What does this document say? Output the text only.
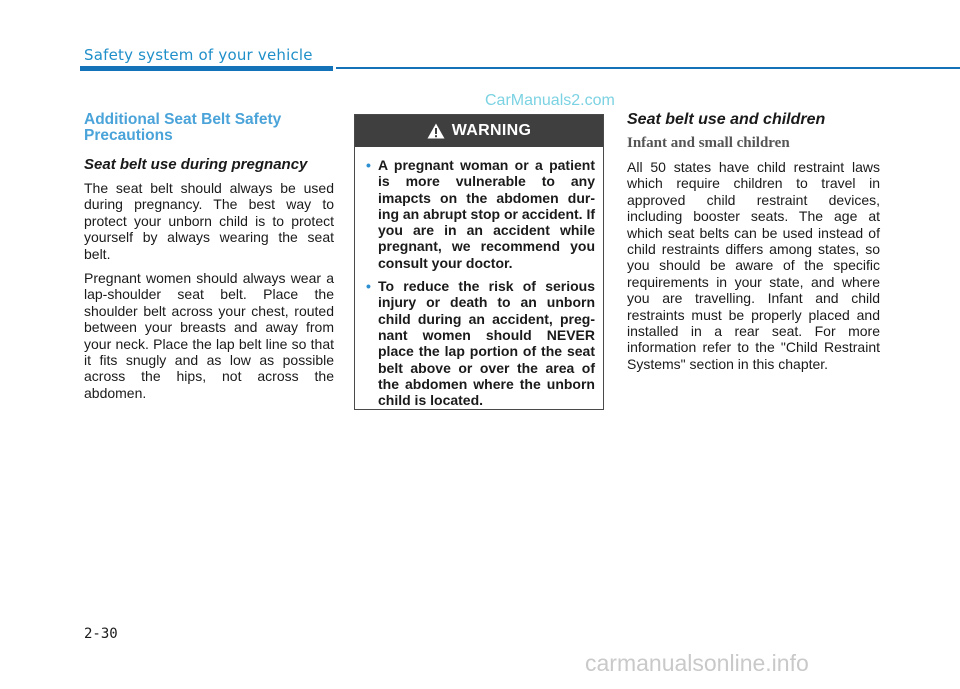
Safety system of your vehicle
CarManuals2.com
Additional Seat Belt Safety Precautions
Seat belt use during pregnancy

The seat belt should always be used during pregnancy. The best way to protect your unborn child is to protect yourself by always wearing the seat belt.

Pregnant women should always wear a lap-shoulder seat belt. Place the shoulder belt across your chest, routed between your breasts and away from your neck. Place the lap belt line so that it fits snugly and as low as possible across the hips, not across the abdomen.

WARNING
• A pregnant woman or a patient is more vulnerable to any imapcts on the abdomen dur- ing an abrupt stop or accident. If you are in an accident while pregnant, we recommend you consult your doctor.
• To reduce the risk of serious injury or death to an unborn child during an accident, preg- nant women should NEVER place the lap portion of the seat belt above or over the area of the abdomen where the unborn child is located.
Seat belt use and children
Infant and small children

All 50 states have child restraint laws which require children to travel in approved child restraint devices, including booster seats. The age at which seat belts can be used instead of child restraints differs among states, so you should be aware of the specific requirements in your state, and where you are travelling. Infant and child restraints must be properly placed and installed in a rear seat. For more information refer to the "Child Restraint Systems" section in this chapter.

2-30
carmanualsonline.info
